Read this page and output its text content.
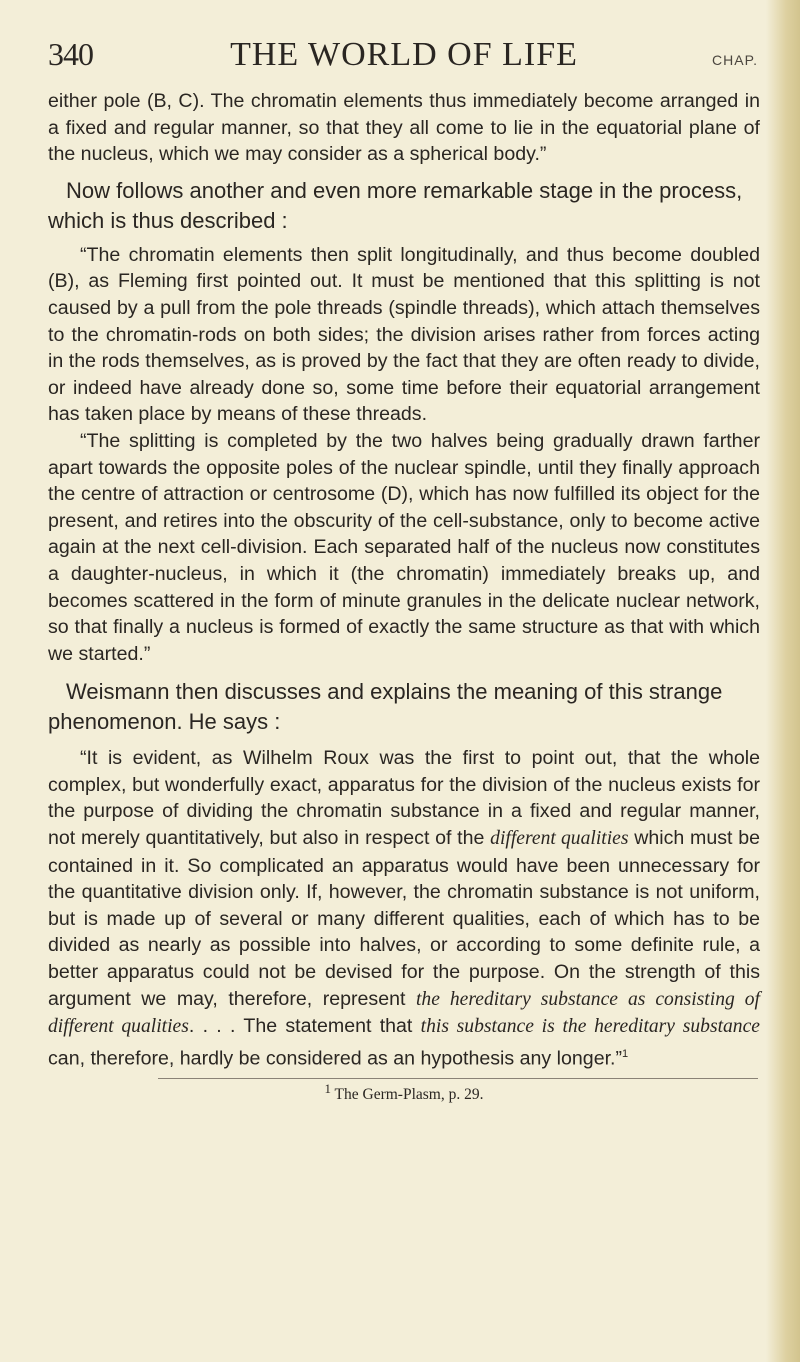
340	THE WORLD OF LIFE	CHAP.

either pole (B, C). The chromatin elements thus immediately become arranged in a fixed and regular manner, so that they all come to lie in the equatorial plane of the nucleus, which we may consider as a spherical body.”

Now follows another and even more remarkable stage in the process, which is thus described :

“The chromatin elements then split longitudinally, and thus become doubled (B), as Fleming first pointed out. It must be mentioned that this splitting is not caused by a pull from the pole threads (spindle threads), which attach themselves to the chromatin-rods on both sides; the division arises rather from forces acting in the rods themselves, as is proved by the fact that they are often ready to divide, or indeed have already done so, some time before their equatorial arrangement has taken place by means of these threads.

“The splitting is completed by the two halves being gradually drawn farther apart towards the opposite poles of the nuclear spindle, until they finally approach the centre of attraction or centrosome (D), which has now fulfilled its object for the present, and retires into the obscurity of the cell-substance, only to become active again at the next cell-division. Each separated half of the nucleus now constitutes a daughter-nucleus, in which it (the chromatin) immediately breaks up, and becomes scattered in the form of minute granules in the delicate nuclear network, so that finally a nucleus is formed of exactly the same structure as that with which we started.”

Weismann then discusses and explains the meaning of this strange phenomenon. He says :

“It is evident, as Wilhelm Roux was the first to point out, that the whole complex, but wonderfully exact, apparatus for the division of the nucleus exists for the purpose of dividing the chromatin substance in a fixed and regular manner, not merely quantitatively, but also in respect of the different qualities which must be contained in it. So complicated an apparatus would have been unnecessary for the quantitative division only. If, however, the chromatin substance is not uniform, but is made up of several or many different qualities, each of which has to be divided as nearly as possible into halves, or according to some definite rule, a better apparatus could not be devised for the purpose. On the strength of this argument we may, therefore, represent the hereditary substance as consisting of different qualities. . . . The statement that this substance is the hereditary substance can, therefore, hardly be considered as an hypothesis any longer.”$^1$

$^1$ The Germ-Plasm, p. 29.
